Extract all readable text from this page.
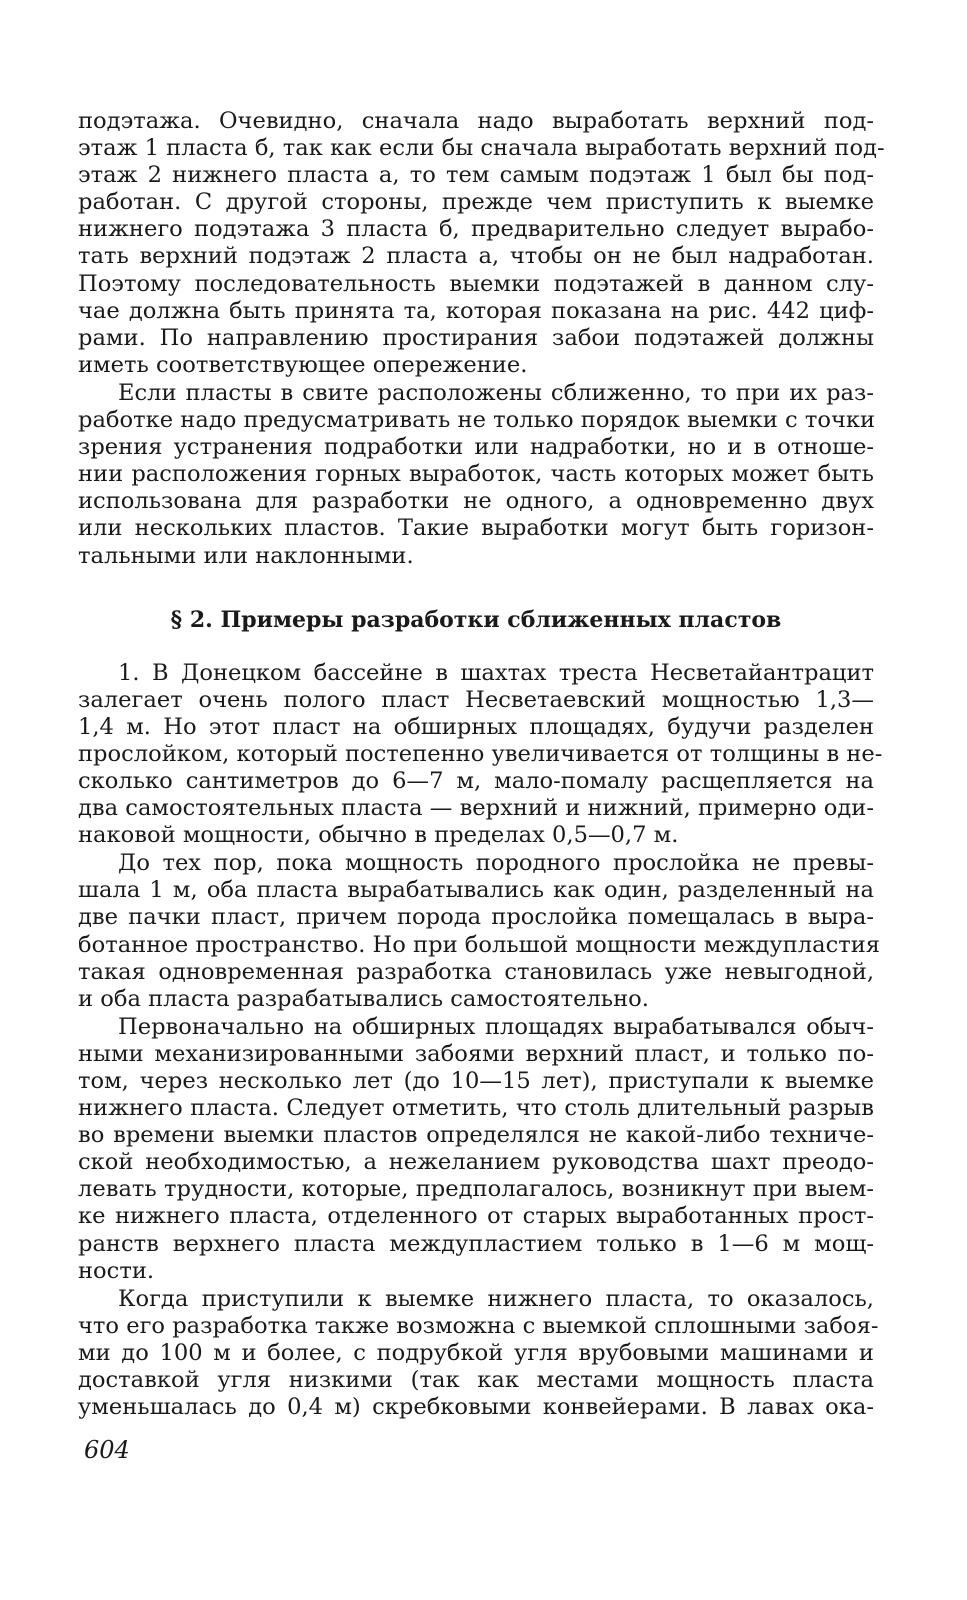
подэтажа. Очевидно, сначала надо выработать верхний под-
этаж 1 пласта б, так как если бы сначала выработать верхний под-
этаж 2 нижнего пласта а, то тем самым подэтаж 1 был бы под-
работан. С другой стороны, прежде чем приступить к выемке
нижнего подэтажа 3 пласта б, предварительно следует вырабо-
тать верхний подэтаж 2 пласта а, чтобы он не был надработан.
Поэтому последовательность выемки подэтажей в данном слу-
чае должна быть принята та, которая показана на рис. 442 циф-
рами. По направлению простирания забои подэтажей должны
иметь соответствующее опережение.

Если пласты в свите расположены сближенно, то при их раз-
работке надо предусматривать не только порядок выемки с точки
зрения устранения подработки или надработки, но и в отноше-
нии расположения горных выработок, часть которых может быть
использована для разработки не одного, а одновременно двух
или нескольких пластов. Такие выработки могут быть горизон-
тальными или наклонными.

§ 2. Примеры разработки сближенных пластов

1. В Донецком бассейне в шахтах треста Несветайантрацит
залегает очень полого пласт Несветаевский мощностью 1,3—
1,4 м. Но этот пласт на обширных площадях, будучи разделен
прослойком, который постепенно увеличивается от толщины в не-
сколько сантиметров до 6—7 м, мало-помалу расщепляется на
два самостоятельных пласта — верхний и нижний, примерно оди-
наковой мощности, обычно в пределах 0,5—0,7 м.

До тех пор, пока мощность породного прослойка не превы-
шала 1 м, оба пласта вырабатывались как один, разделенный на
две пачки пласт, причем порода прослойка помещалась в выра-
ботанное пространство. Но при большой мощности междупластия
такая одновременная разработка становилась уже невыгодной,
и оба пласта разрабатывались самостоятельно.

Первоначально на обширных площадях вырабатывался обыч-
ными механизированными забоями верхний пласт, и только по-
том, через несколько лет (до 10—15 лет), приступали к выемке
нижнего пласта. Следует отметить, что столь длительный разрыв
во времени выемки пластов определялся не какой-либо техниче-
ской необходимостью, а нежеланием руководства шахт преодо-
левать трудности, которые, предполагалось, возникнут при выем-
ке нижнего пласта, отделенного от старых выработанных прост-
ранств верхнего пласта междупластием только в 1—6 м мощ-
ности.

Когда приступили к выемке нижнего пласта, то оказалось,
что его разработка также возможна с выемкой сплошными забоя-
ми до 100 м и более, с подрубкой угля врубовыми машинами и
доставкой угля низкими (так как местами мощность пласта
уменьшалась до 0,4 м) скребковыми конвейерами. В лавах ока-

604
